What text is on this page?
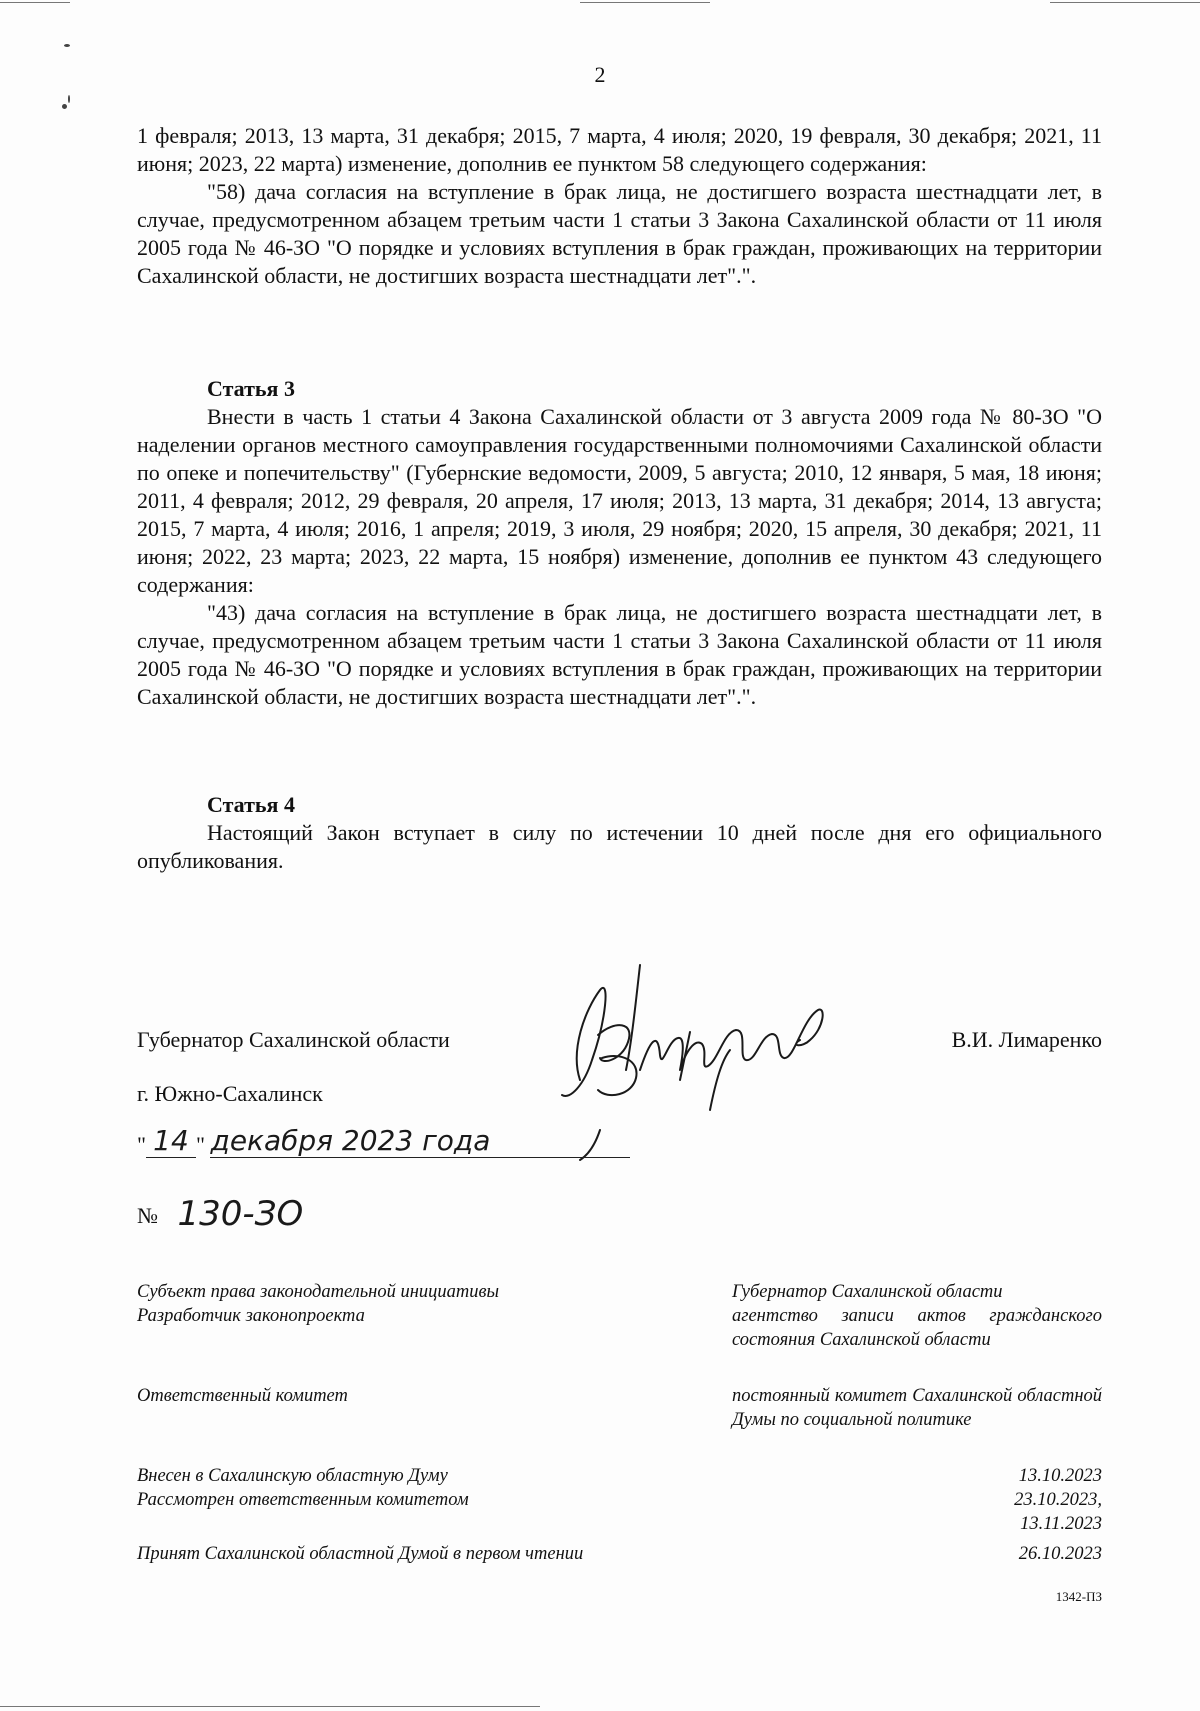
2

1 февраля; 2013, 13 марта, 31 декабря; 2015, 7 марта, 4 июля; 2020, 19 февраля, 30 декабря; 2021, 11 июня; 2023, 22 марта) изменение, дополнив ее пунктом 58 следующего содержания:

"58) дача согласия на вступление в брак лица, не достигшего возраста шестнадцати лет, в случае, предусмотренном абзацем третьим части 1 статьи 3 Закона Сахалинской области от 11 июля 2005 года № 46-ЗО "О порядке и условиях вступления в брак граждан, проживающих на территории Сахалинской области, не достигших возраста шестнадцати лет".".

Статья 3

Внести в часть 1 статьи 4 Закона Сахалинской области от 3 августа 2009 года № 80-ЗО "О наделении органов местного самоуправления государственными полномочиями Сахалинской области по опеке и попечительству" (Губернские ведомости, 2009, 5 августа; 2010, 12 января, 5 мая, 18 июня; 2011, 4 февраля; 2012, 29 февраля, 20 апреля, 17 июля; 2013, 13 марта, 31 декабря; 2014, 13 августа; 2015, 7 марта, 4 июля; 2016, 1 апреля; 2019, 3 июля, 29 ноября; 2020, 15 апреля, 30 декабря; 2021, 11 июня; 2022, 23 марта; 2023, 22 марта, 15 ноября) изменение, дополнив ее пунктом 43 следующего содержания:

"43) дача согласия на вступление в брак лица, не достигшего возраста шестнадцати лет, в случае, предусмотренном абзацем третьим части 1 статьи 3 Закона Сахалинской области от 11 июля 2005 года № 46-ЗО "О порядке и условиях вступления в брак граждан, проживающих на территории Сахалинской области, не достигших возраста шестнадцати лет".".

Статья 4

Настоящий Закон вступает в силу по истечении 10 дней после дня его официального опубликования.

Губернатор Сахалинской области	В.И. Лимаренко
г. Южно-Сахалинск
" 14 " декабря 2023 года
№ 130-ЗО
Субъект права законодательной инициативы	Губернатор Сахалинской области
Разработчик законопроекта	агентство записи актов гражданского состояния Сахалинской области
Ответственный комитет	постоянный комитет Сахалинской областной Думы по социальной политике
Внесен в Сахалинскую областную Думу	13.10.2023
Рассмотрен ответственным комитетом	23.10.2023,
13.11.2023
Принят Сахалинской областной Думой в первом чтении	26.10.2023
1342-ПЗ
